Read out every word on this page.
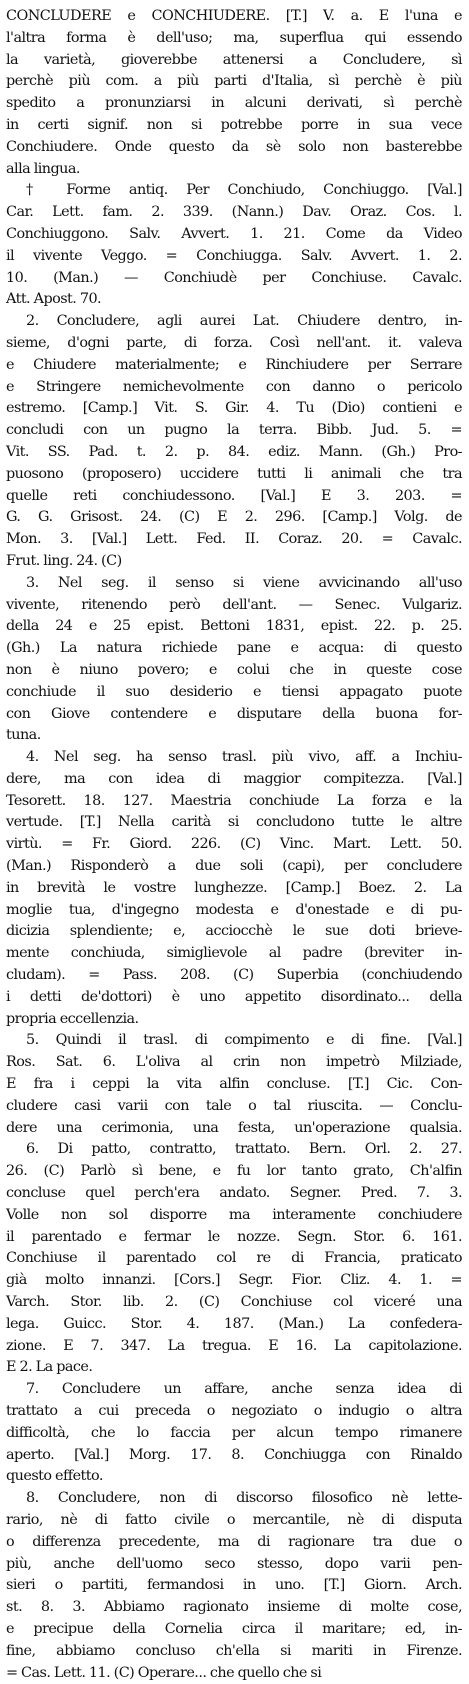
CONCLUDERE e CONCHIUDERE. [T.] V. a. E l'una e
l'altra forma è dell'uso; ma, superflua qui essendo
la varietà, gioverebbe attenersi a Concludere, sì
perchè più com. a più parti d'Italia, sì perchè è più
spedito a pronunziarsi in alcuni derivati, sì perchè
in certi signif. non si potrebbe porre in sua vece
Conchiudere. Onde questo da sè solo non basterebbe
alla lingua.
† Forme antiq. Per Conchiudo, Conchiuggo. [Val.]
Car. Lett. fam. 2. 339. (Nann.) Dav. Oraz. Cos. l.
Conchiuggono. Salv. Avvert. 1. 21. Come da Video
il vivente Veggo. = Conchiugga. Salv. Avvert. 1. 2.
10. (Man.) — Conchiudè per Conchiuse. Cavalc.
Att. Apost. 70.
2. Concludere, agli aurei Lat. Chiudere dentro, in-
sieme, d'ogni parte, di forza. Così nell'ant. it. valeva
e Chiudere materialmente; e Rinchiudere per Serrare
e Stringere nemichevolmente con danno o pericolo
estremo. [Camp.] Vit. S. Gir. 4. Tu (Dio) contieni e
concludi con un pugno la terra. Bibb. Jud. 5. =
Vit. SS. Pad. t. 2. p. 84. ediz. Mann. (Gh.) Pro-
puosono (proposero) uccidere tutti li animali che tra
quelle reti conchiudessono. [Val.] E 3. 203. =
G. G. Grisost. 24. (C) E 2. 296. [Camp.] Volg. de
Mon. 3. [Val.] Lett. Fed. II. Coraz. 20. = Cavalc.
Frut. ling. 24. (C)
3. Nel seg. il senso si viene avvicinando all'uso
vivente, ritenendo però dell'ant. — Senec. Vulgariz.
della 24 e 25 epist. Bettoni 1831, epist. 22. p. 25.
(Gh.) La natura richiede pane e acqua: di questo
non è niuno povero; e colui che in queste cose
conchiude il suo desiderio e tiensi appagato puote
con Giove contendere e disputare della buona for-
tuna.
4. Nel seg. ha senso trasl. più vivo, aff. a Inchiu-
dere, ma con idea di maggior compitezza. [Val.]
Tesorett. 18. 127. Maestria conchiude La forza e la
vertude. [T.] Nella carità si concludono tutte le altre
virtù. = Fr. Giord. 226. (C) Vinc. Mart. Lett. 50.
(Man.) Risponderò a due soli (capi), per concludere
in brevità le vostre lunghezze. [Camp.] Boez. 2. La
moglie tua, d'ingegno modesta e d'onestade e di pu-
dicizia splendiente; e, acciocchè le sue doti brieve-
mente conchiuda, simiglievole al padre (breviter in-
cludam). = Pass. 208. (C) Superbia (conchiudendo
i detti de'dottori) è uno appetito disordinato... della
propria eccellenzia.
5. Quindi il trasl. di compimento e di fine. [Val.]
Ros. Sat. 6. L'oliva al crin non impetrò Milziade,
E fra i ceppi la vita alfin concluse. [T.] Cic. Con-
cludere casi varii con tale o tal riuscita. — Conclu-
dere una cerimonia, una festa, un'operazione qualsia.
6. Di patto, contratto, trattato. Bern. Orl. 2. 27.
26. (C) Parlò sì bene, e fu lor tanto grato, Ch'alfin
concluse quel perch'era andato. Segner. Pred. 7. 3.
Volle non sol disporre ma interamente conchiudere
il parentado e fermar le nozze. Segn. Stor. 6. 161.
Conchiuse il parentado col re di Francia, praticato
già molto innanzi. [Cors.] Segr. Fior. Cliz. 4. 1. =
Varch. Stor. lib. 2. (C) Conchiuse col viceré una
lega. Guicc. Stor. 4. 187. (Man.) La confedera-
zione. E 7. 347. La tregua. E 16. La capitolazione.
E 2. La pace.
7. Concludere un affare, anche senza idea di
trattato a cui preceda o negoziato o indugio o altra
difficoltà, che lo faccia per alcun tempo rimanere
aperto. [Val.] Morg. 17. 8. Conchiugga con Rinaldo
questo effetto.
8. Concludere, non di discorso filosofico nè lette-
rario, nè di fatto civile o mercantile, nè di disputa
o differenza precedente, ma di ragionare tra due o
più, anche dell'uomo seco stesso, dopo varii pen-
sieri o partiti, fermandosi in uno. [T.] Giorn. Arch.
st. 8. 3. Abbiamo ragionato insieme di molte cose,
e precipue della Cornelia circa il maritare; ed, in-
fine, abbiamo concluso ch'ella si mariti in Firenze.
= Cas. Lett. 11. (C) Operare... che quello che si
